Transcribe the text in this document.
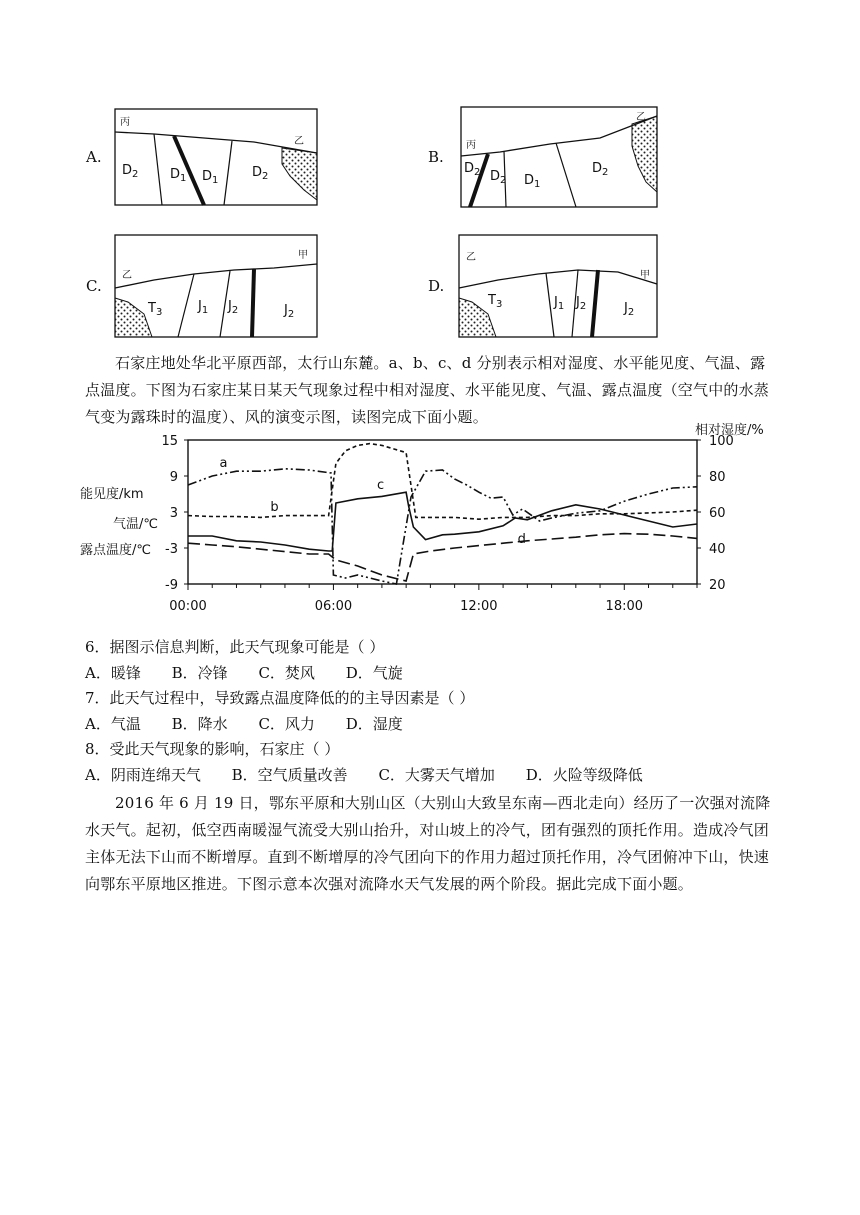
A.
丙
乙
$D_2$ $D_1$ $D_1$
$D_2$
B.
丙
乙
$D_2$ $D_2$ $D_1$
$D_2$
C.
乙
甲
$T_3$	$J_1$ $J_2$	$J_2$
D.
乙
甲
$T_3$	$J_1$ $J_2$	$J_2$
石家庄地处华北平原西部，太行山东麓。a、b、c、d 分别表示相对湿度、水平能见度、气温、露点温度。下图为石家庄某日某天气现象过程中相对湿度、水平能见度、气温、露点温度（空气中的水蒸气变为露珠时的温度）、风的演变示图，读图完成下面小题。
15
9
3
-3
-9
100
80
60
40
20
00:00	06:00	12:00	18:00
能见度/km
气温/℃
露点温度/℃
相对湿度/%
a
b
c
d
6．据图示信息判断，此天气现象可能是（ ）
A．暖锋 B．冷锋 C．焚风 D．气旋
7．此天气过程中，导致露点温度降低的的主导因素是（ ）
A．气温 B．降水 C．风力 D．湿度
8．受此天气现象的影响，石家庄（ ）
A．阴雨连绵天气 B．空气质量改善 C．大雾天气增加 D．火险等级降低
2016 年 6 月 19 日，鄂东平原和大别山区（大别山大致呈东南—西北走向）经历了一次强对流降水天气。起初，低空西南暖湿气流受大别山抬升，对山坡上的冷气，团有强烈的顶托作用。造成冷气团主体无法下山而不断增厚。直到不断增厚的冷气团向下的作用力超过顶托作用，冷气团俯冲下山，快速向鄂东平原地区推进。下图示意本次强对流降水天气发展的两个阶段。据此完成下面小题。
